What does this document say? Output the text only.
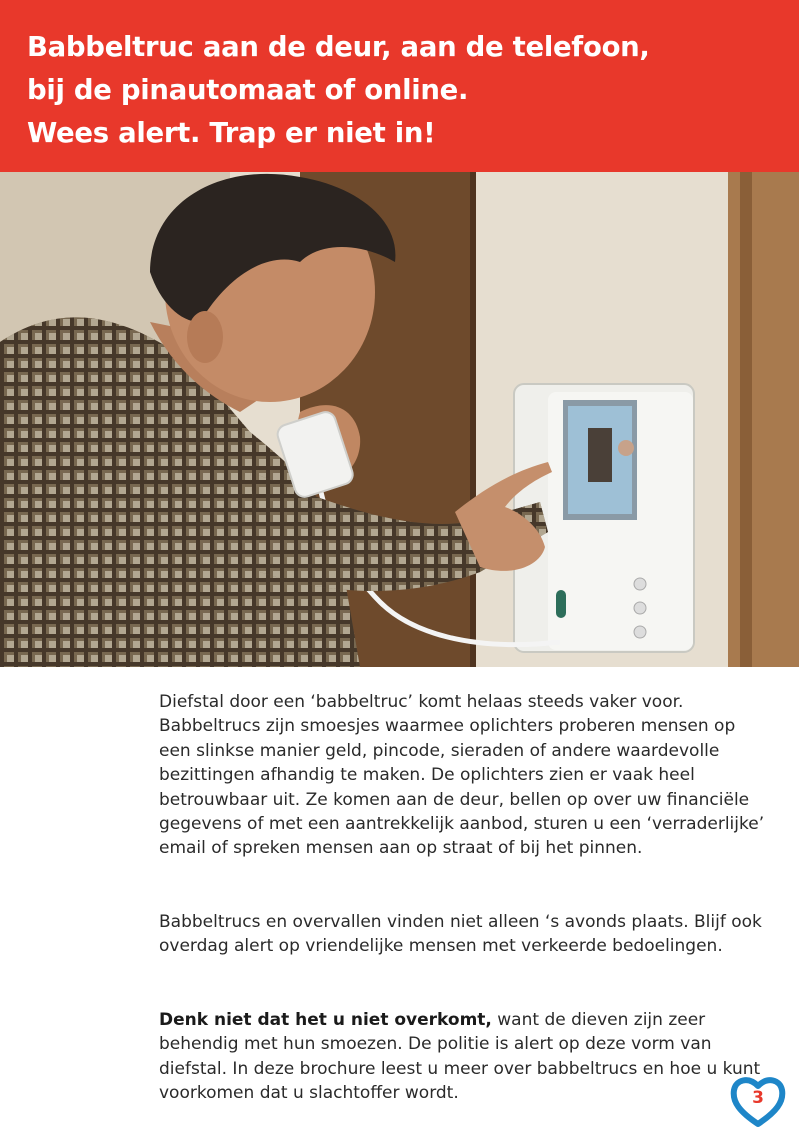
Babbeltruc aan de deur, aan de telefoon,
bij de pinautomaat of online.
Wees alert. Trap er niet in!

Diefstal door een ‘babbeltruc’ komt helaas steeds vaker voor. Babbeltrucs zijn smoesjes waarmee oplichters proberen mensen op een slinkse manier geld, pincode, sieraden of andere waardevolle bezittingen afhandig te maken. De oplichters zien er vaak heel betrouwbaar uit. Ze komen aan de deur, bellen op over uw financiële gegevens of met een aantrekkelijk aanbod, sturen u een ‘verraderlijke’ email of spreken mensen aan op straat of bij het pinnen.

Babbeltrucs en overvallen vinden niet alleen ‘s avonds plaats. Blijf ook overdag alert op vriendelijke mensen met verkeerde bedoelingen.

Denk niet dat het u niet overkomt, want de dieven zijn zeer behendig met hun smoezen. De politie is alert op deze vorm van diefstal. In deze brochure leest u meer over babbeltrucs en hoe u kunt voorkomen dat u slachtoffer wordt.	3
